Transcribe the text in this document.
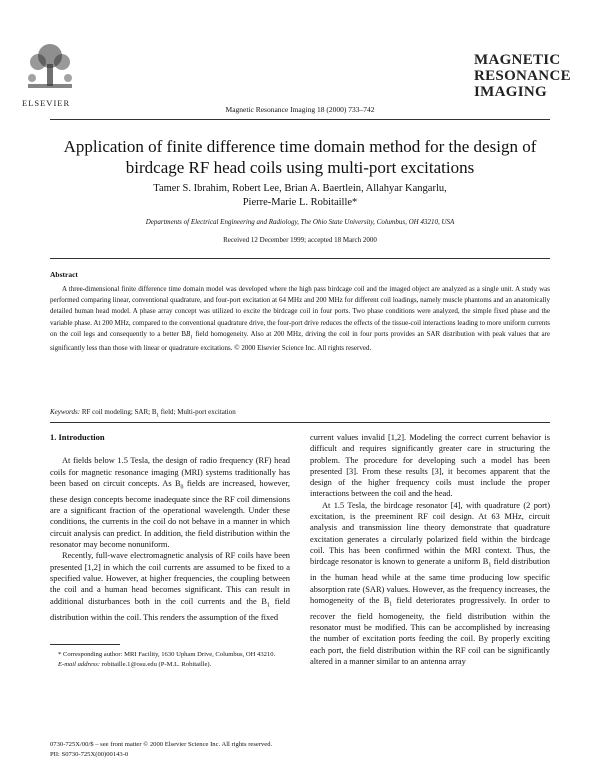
ELSEVIER
Magnetic Resonance Imaging 18 (2000) 733–742
MAGNETIC
RESONANCE
IMAGING
Application of finite difference time domain method for the design of birdcage RF head coils using multi-port excitations
Tamer S. Ibrahim, Robert Lee, Brian A. Baertlein, Allahyar Kangarlu,
Pierre-Marie L. Robitaille*
Departments of Electrical Engineering and Radiology, The Ohio State University, Columbus, OH 43210, USA
Received 12 December 1999; accepted 18 March 2000
Abstract
A three-dimensional finite difference time domain model was developed where the high pass birdcage coil and the imaged object are analyzed as a single unit. A study was performed comparing linear, conventional quadrature, and four-port excitation at 64 MHz and 200 MHz for different coil loadings, namely muscle phantoms and an anatomically detailed human head model. A phase array concept was utilized to excite the birdcage coil in four ports. Two phase conditions were analyzed, the simple fixed phase and the variable phase. At 200 MHz, compared to the conventional quadrature drive, the four-port drive reduces the effects of the tissue-coil interactions leading to more uniform currents on the coil legs and consequently to a better $BB_1$ field homogeneity. Also at 200 MHz, driving the coil in four ports provides an SAR distribution with peak values that are significantly less than those with linear or quadrature excitations. © 2000 Elsevier Science Inc. All rights reserved.
Keywords: RF coil modeling; SAR; $B_1$ field; Multi-port excitation
1. Introduction

At fields below 1.5 Tesla, the design of radio frequency (RF) head coils for magnetic resonance imaging (MRI) systems traditionally has been based on circuit concepts. As $B_0$ fields are increased, however, these design concepts become inadequate since the RF coil dimensions are a significant fraction of the operational wavelength. Under these conditions, the currents in the coil do not behave in a manner in which circuit analysis can predict. In addition, the field distribution within the resonator may become nonuniform.

Recently, full-wave electromagnetic analysis of RF coils have been presented [1,2] in which the coil currents are assumed to be fixed to a specified value. However, at higher frequencies, the coupling between the coil and a human head becomes significant. This can result in additional disturbances both in the coil currents and the $B_1$ field distribution within the coil. This renders the assumption of the fixed

current values invalid [1,2]. Modeling the correct current behavior is difficult and requires significantly greater care in structuring the problem. The procedure for developing such a model has been presented [3]. From these results [3], it becomes apparent that the design of the higher frequency coils must include the proper interactions between the coil and the head.

At 1.5 Tesla, the birdcage resonator [4], with quadrature (2 port) excitation, is the preeminent RF coil design. At 63 MHz, circuit analysis and transmission line theory demonstrate that quadrature excitation generates a circularly polarized field within the birdcage coil. This has been confirmed within the MRI context. Thus, the birdcage resonator is known to generate a uniform $B_1$ field distribution in the human head while at the same time producing low specific absorption rate (SAR) values. However, as the frequency increases, the homogeneity of the $B_1$ field deteriorates progressively. In order to recover the field homogeneity, the field distribution within the resonator must be modified. This can be accomplished by increasing the number of excitation ports feeding the coil. By properly exciting each port, the field distribution within the RF coil can be significantly altered in a manner similar to an antenna array

* Corresponding author: MRI Facility, 1630 Upham Drive, Columbus, OH 43210.

E-mail address: robitaille.1@osu.edu (P-M.L. Robitaille).

0730-725X/00/$ – see front matter © 2000 Elsevier Science Inc. All rights reserved.
PII: S0730-725X(00)00143-0
